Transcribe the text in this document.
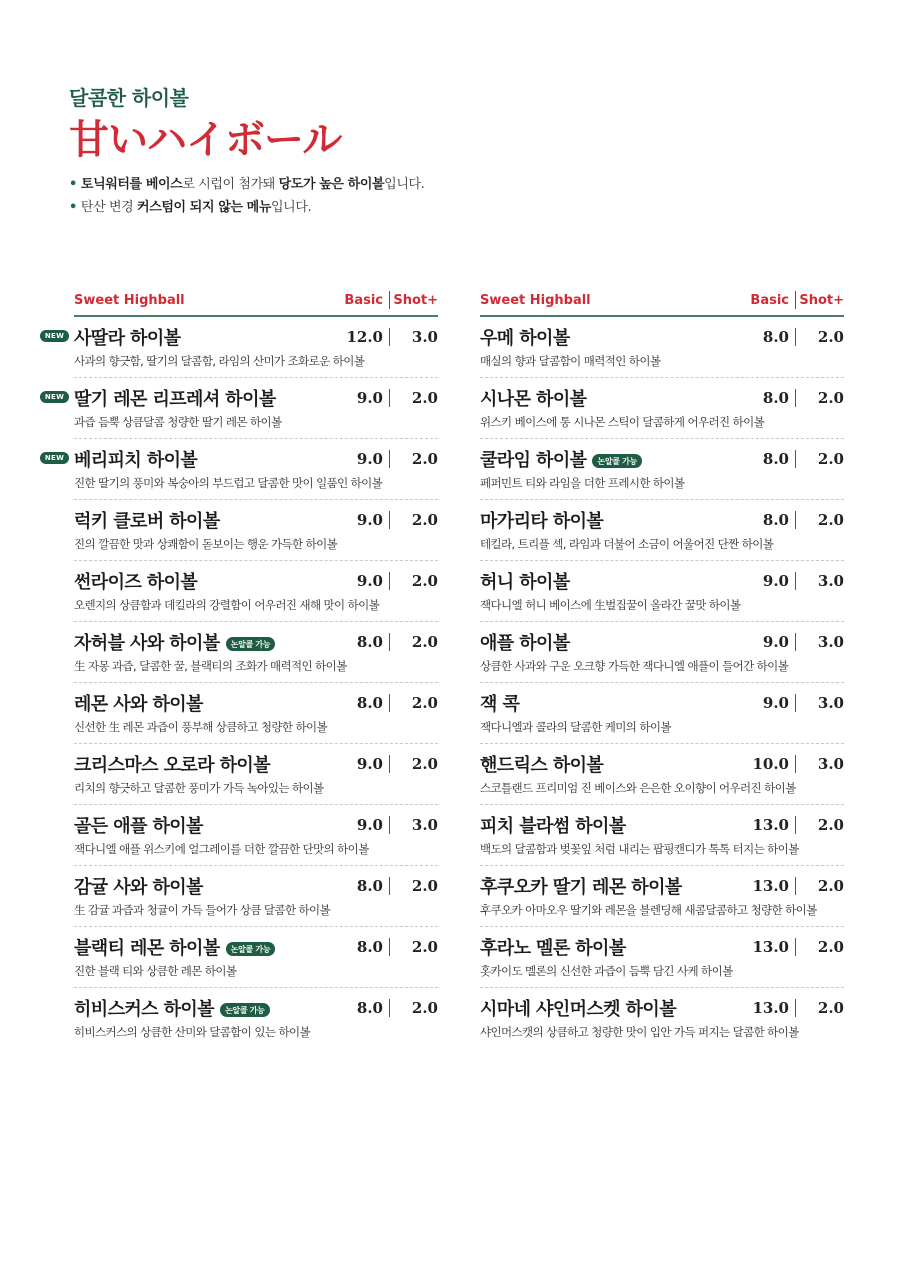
달콤한 하이볼
甘いハイボール
• 토닉워터를 베이스로 시럽이 첨가돼 당도가 높은 하이볼입니다.
• 탄산 변경 커스텀이 되지 않는 메뉴입니다.
Sweet Highball	Basic Shot+
NEW 사딸라 하이볼	12.0	3.0
사과의 향긋함, 딸기의 달콤함, 라임의 산미가 조화로운 하이볼
NEW 딸기 레몬 리프레셔 하이볼	9.0	2.0
과즙 듬뿍 상큼달콤 청량한 딸기 레몬 하이볼
NEW 베리피치 하이볼	9.0	2.0
진한 딸기의 풍미와 복숭아의 부드럽고 달콤한 맛이 일품인 하이볼
럭키 클로버 하이볼	9.0	2.0
진의 깔끔한 맛과 상쾌함이 돋보이는 행운 가득한 하이볼
썬라이즈 하이볼	9.0	2.0
오렌지의 상큼함과 데킬라의 강렬함이 어우러진 새해 맛이 하이볼
자허블 사와 하이볼 논알콜 가능	8.0	2.0
生 자몽 과즙, 달콤한 꿀, 블랙티의 조화가 매력적인 하이볼
레몬 사와 하이볼	8.0	2.0
신선한 生 레몬 과즙이 풍부해 상큼하고 청량한 하이볼
크리스마스 오로라 하이볼	9.0	2.0
리치의 향긋하고 달콤한 풍미가 가득 녹아있는 하이볼
골든 애플 하이볼	9.0	3.0
잭다니엘 애플 위스키에 얼그레이를 더한 깔끔한 단맛의 하이볼
감귤 사와 하이볼	8.0	2.0
生 감귤 과즙과 청귤이 가득 들어가 상큼 달콤한 하이볼
블랙티 레몬 하이볼 논알콜 가능	8.0	2.0
진한 블랙 티와 상큼한 레몬 하이볼
히비스커스 하이볼 논알콜 가능	8.0	2.0
히비스커스의 상큼한 산미와 달콤함이 있는 하이볼
Sweet Highball	Basic Shot+
우메 하이볼	8.0	2.0
매실의 향과 달콤함이 매력적인 하이볼
시나몬 하이볼	8.0	2.0
위스키 베이스에 통 시나몬 스틱이 달콤하게 어우러진 하이볼
쿨라임 하이볼 논알콜 가능	8.0	2.0
페퍼민트 티와 라임을 더한 프레시한 하이볼
마가리타 하이볼	8.0	2.0
테킬라, 트리플 섹, 라임과 더불어 소금이 어울어진 단짠 하이볼
허니 하이볼	9.0	3.0
잭다니엘 허니 베이스에 生벌집꿀이 올라간 꿀맛 하이볼
애플 하이볼	9.0	3.0
상큼한 사과와 구운 오크향 가득한 잭다니엘 애플이 들어간 하이볼
잭 콕	9.0	3.0
잭다니엘과 콜라의 달콤한 케미의 하이볼
핸드릭스 하이볼	10.0	3.0
스코틀랜드 프리미엄 진 베이스와 은은한 오이향이 어우러진 하이볼
피치 블라썸 하이볼	13.0	2.0
백도의 달콤함과 벚꽃잎 처럼 내리는 팝핑캔디가 톡톡 터지는 하이볼
후쿠오카 딸기 레몬 하이볼	13.0	2.0
후쿠오카 아마오우 딸기와 레몬을 블렌딩해 새콤달콤하고 청량한 하이볼
후라노 멜론 하이볼	13.0	2.0
홋카이도 멜론의 신선한 과즙이 듬뿍 담긴 사케 하이볼
시마네 샤인머스켓 하이볼	13.0	2.0
샤인머스캣의 상큼하고 청량한 맛이 입안 가득 퍼지는 달콤한 하이볼
